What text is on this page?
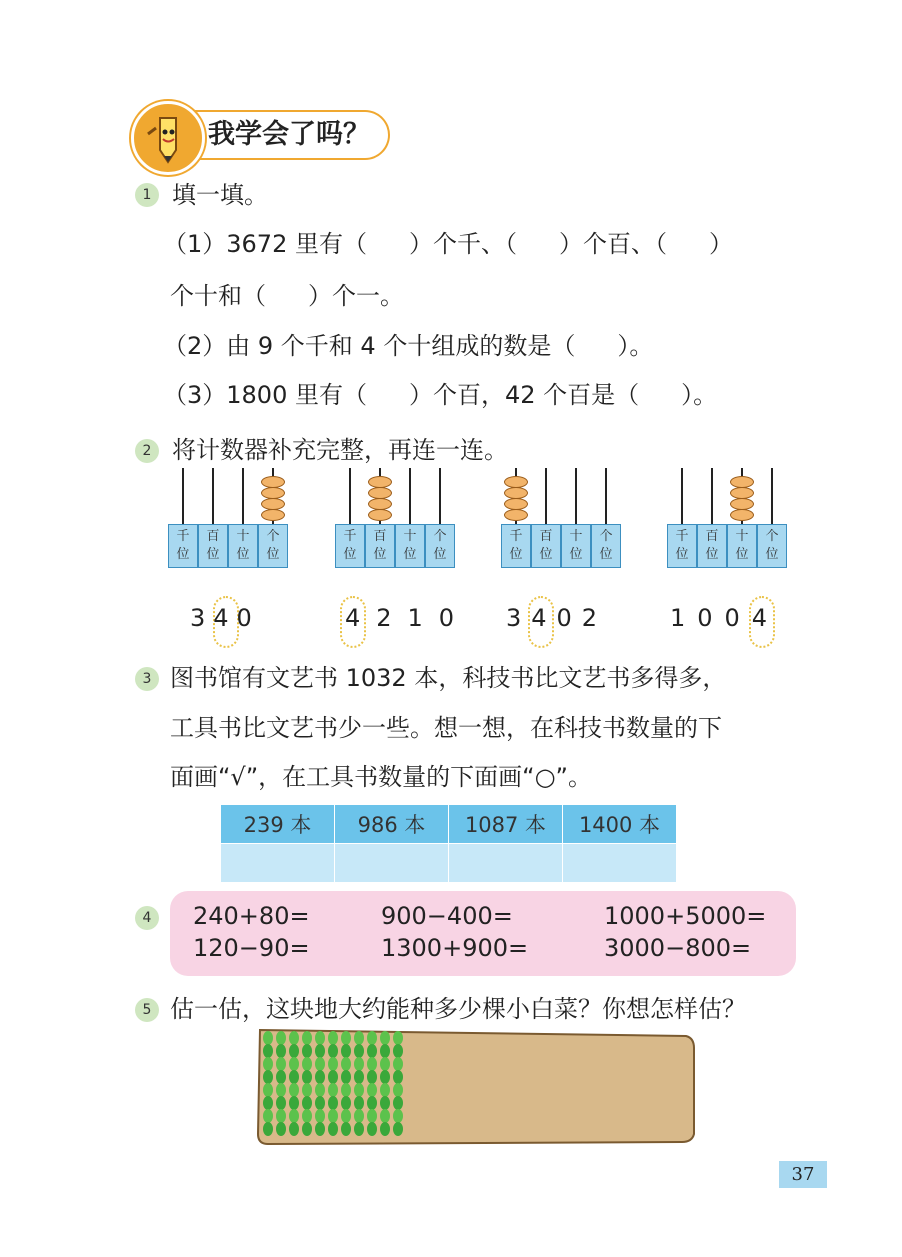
我学会了吗？
1 填一填。
（1）3672 里有（ ）个千、（ ）个百、（ ）
个十和（ ）个一。
（2）由 9 个千和 4 个十组成的数是（ ）。
（3）1800 里有（ ）个百，42 个百是（ ）。
2 将计数器补充完整，再连一连。
千
位
百
位
十
位
个
位
千
位
百
位
十
位
个
位
千
位
百
位
十
位
个
位
千
位
百
位
十
位
个
位
340	4210 3402	1004
3 图书馆有文艺书 1032 本，科技书比文艺书多得多，
工具书比文艺书少一些。想一想，在科技书数量的下
面画“√”，在工具书数量的下面画“○”。
239 本	986 本	1087 本	1400 本

4	240+80=	900−400=	1000+5000=
120−90=	1300+900=	3000−800=
5 估一估，这块地大约能种多少棵小白菜？你想怎样估？
37
